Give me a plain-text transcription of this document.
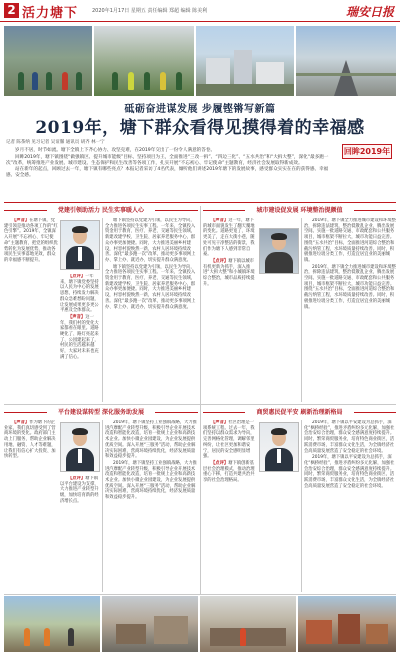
2 活力塘下	2020年1月17日 星期五 责任编辑 郑超 编辑 陈美利	瑞安日报
砥砺奋进谋发展 步履铿锵写新篇
2019年，塘下群众看得见摸得着的幸福感
记者 陈茶纳 见习记者 吴谊馨 通讯员 胡齐 林一宁
回眸2019年

岁月不居，时节如流。塘下全镇上下齐心协力、攻坚克难，在2019年交出了一份令人满意的答卷。

回眸2019年，塘下镇围绕“做强镇区、提升城市能级”目标，坚持项目为王，全面推进“三改一拆”、“四边三化”、“五水共治”和“大拆大整”，深化“最多跑一次”改革，统筹推进产业发展、城市建设、生态保护和民生改善等各项工作，扎实开展“不忘初心、牢记使命”主题教育，经济社会发展取得新成效。

站在新年的起点，回顾过去一年，塘下镇有哪些亮点？本报记者采访了4名代表，倾听他们讲述2019年塘下的发展故事，感受群众实实在在的获得感、幸福感、安全感。

党建引领助活力 民生实事暖人心

【声音】在塘下镇，党建引领是推动各项工作的“红色引擎”。2019年，全镇深入开展“不忘初心、牢记使命”主题教育，把党的组织优势转化为发展优势，推动各项民生实事落地见效，群众的幸福感不断提升。

【点评】一年来，塘下镇党委坚持以人民为中心的发展思想，持续发力解决群众急难愁盼问题，让发展成果更多更公平惠及全体群众。

【声音】这一年，我们村的变化大家都看在眼里。道路硬化了、路灯亮起来了、公园建起来了，村民的生活越来越好，大家对未来也充满了信心。

塘下镇坚持以党建为引领，以民生为导向，全力推进各项民生实事工程。一年来，全镇投入资金用于教育、医疗、养老、交通等民生领域，新建改建学校、卫生院、居家养老服务中心，群众办事更加便捷。同时，大力推进美丽乡村建设，村容村貌焕然一新，农村人居环境持续改善。深化“最多跑一次”改革，推动更多事项网上办、掌上办、就近办，切实提升群众满意度。

塘下镇坚持以党建为引领，以民生为导向，全力推进各项民生实事工程。一年来，全镇投入资金用于教育、医疗、养老、交通等民生领域，新建改建学校、卫生院、居家养老服务中心，群众办事更加便捷。同时，大力推进美丽乡村建设，村容村貌焕然一新，农村人居环境持续改善。深化“最多跑一次”改革，推动更多事项网上办、掌上办、就近办，切实提升群众满意度。

城市建设促发展 环境整治提颜值

【声音】这一年，塘下的城市面貌发生了翻天覆地的变化。道路更宽了、环境更美了，走在大街小巷，随处可见干净整洁的街景，我们作为塘下人感到非常自豪。

【点评】塘下镇以城市有机更新为抓手，深入推进“大拆大整”和小城镇环境综合整治，城市品质持续提升。

2019年，塘下镇全力推进城市建设和环境整治，拆除违法建筑，整治低散乱企业，腾出发展空间。实施一批道路交通、市政配套和公共服务项目，城市框架不断拉大，城市功能日益完善。围绕“五水共治”目标，全面推进河道综合整治和截污纳管工程，水环境质量持续改善。同时，积极推进垃圾分类工作，打造宜居宜业的美丽城镇。

2019年，塘下镇全力推进城市建设和环境整治，拆除违法建筑，整治低散乱企业，腾出发展空间。实施一批道路交通、市政配套和公共服务项目，城市框架不断拉大，城市功能日益完善。围绕“五水共治”目标，全面推进河道综合整治和截污纳管工程，水环境质量持续改善。同时，积极推进垃圾分类工作，打造宜居宜业的美丽城镇。

平台建设谋转型 深化服务助发展

【声音】作为塘下的企业家，我们真切感受到了营商环境的变化。政府部门主动上门服务，帮助企业解决用地、融资、人才等难题，让我们有信心扩大投资、加快转型。

【点评】塘下镇以平台建设为支撑，大力推进产业转型升级，加快培育新的经济增长点。

2019年，塘下镇坚持工业强镇战略，大力推进汽摩配产业转型升级，积极引导企业开展技术改造和智能化改造，培育一批规上企业和高新技术企业。加快小微企业园建设，为企业发展提供优质空间。深入开展“三服务”活动，帮助企业解决实际困难，营商环境持续优化，经济发展质量和效益稳步提升。

2019年，塘下镇坚持工业强镇战略，大力推进汽摩配产业转型升级，积极引导企业开展技术改造和智能化改造，培育一批规上企业和高新技术企业。加快小微企业园建设，为企业发展提供优质空间。深入开展“三服务”活动，帮助企业解决实际困难，营商环境持续优化，经济发展质量和效益稳步提升。

商贸惠民促平安 刷新治理新格局

【声音】社区治理是一项系统工程。过去一年，我们坚持以群众需求为导向，完善网格化管理，调解邻里纠纷，让社区更加和谐安宁，居民的安全感明显增强。

【点评】塘下镇创新基层社会治理模式，推动治理重心下移，打造共建共治共享的社会治理格局。

2019年，塘下镇以平安建设为总抓手，深化“枫桥经验”，推进矛盾纠纷多元化解，加强社会治安综合治理，群众安全感满意度持续提升。同时，繁荣商贸服务业，培育特色商业街区，活跃消费市场，丰富群众文化生活，为全镇经济社会高质量发展营造了安全稳定的社会环境。

2019年，塘下镇以平安建设为总抓手，深化“枫桥经验”，推进矛盾纠纷多元化解，加强社会治安综合治理，群众安全感满意度持续提升。同时，繁荣商贸服务业，培育特色商业街区，活跃消费市场，丰富群众文化生活，为全镇经济社会高质量发展营造了安全稳定的社会环境。
